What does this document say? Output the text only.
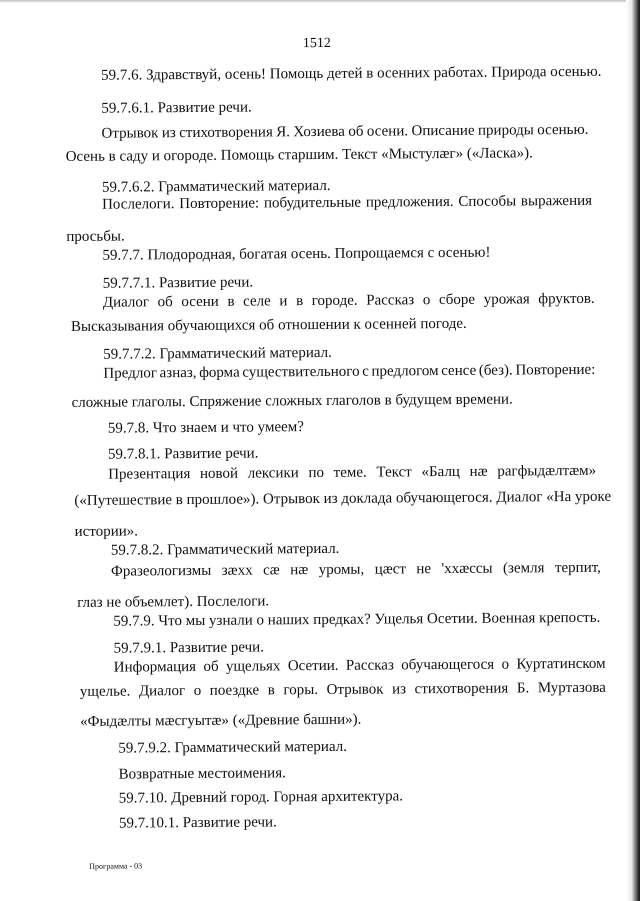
1512
59.7.6. Здравствуй, осень! Помощь детей в осенних работах. Природа осенью.
59.7.6.1. Развитие речи.
Отрывок из стихотворения Я. Хозиева об осени. Описание природы осенью.
Осень в саду и огороде. Помощь старшим. Текст «Мыстулæг» («Ласка»).
59.7.6.2. Грамматический материал.
Послелоги. Повторение: побудительные предложения. Способы выражения
просьбы.
59.7.7. Плодородная, богатая осень. Попрощаемся с осенью!
59.7.7.1. Развитие речи.
Диалог об осени в селе и в городе. Рассказ о сборе урожая фруктов.
Высказывания обучающихся об отношении к осенней погоде.
59.7.7.2. Грамматический материал.
Предлог азназ, форма существительного с предлогом сенсе (без). Повторение:
сложные глаголы. Спряжение сложных глаголов в будущем времени.
59.7.8. Что знаем и что умеем?
59.7.8.1. Развитие речи.
Презентация новой лексики по теме. Текст «Балц нæ рагфыдæлтæм»
(«Путешествие в прошлое»). Отрывок из доклада обучающегося. Диалог «На уроке
истории».
59.7.8.2. Грамматический материал.
Фразеологизмы зæхх сæ нæ уромы, цæст не 'ххæссы (земля терпит,
глаз не объемлет). Послелоги.
59.7.9. Что мы узнали о наших предках? Ущелья Осетии. Военная крепость.
59.7.9.1. Развитие речи.
Информация об ущельях Осетии. Рассказ обучающегося о Куртатинском
ущелье. Диалог о поездке в горы. Отрывок из стихотворения Б. Муртазова
«Фыдæлты мæсгуытæ» («Древние башни»).
59.7.9.2. Грамматический материал.
Возвратные местоимения.
59.7.10. Древний город. Горная архитектура.
59.7.10.1. Развитие речи.
Программа - 03
